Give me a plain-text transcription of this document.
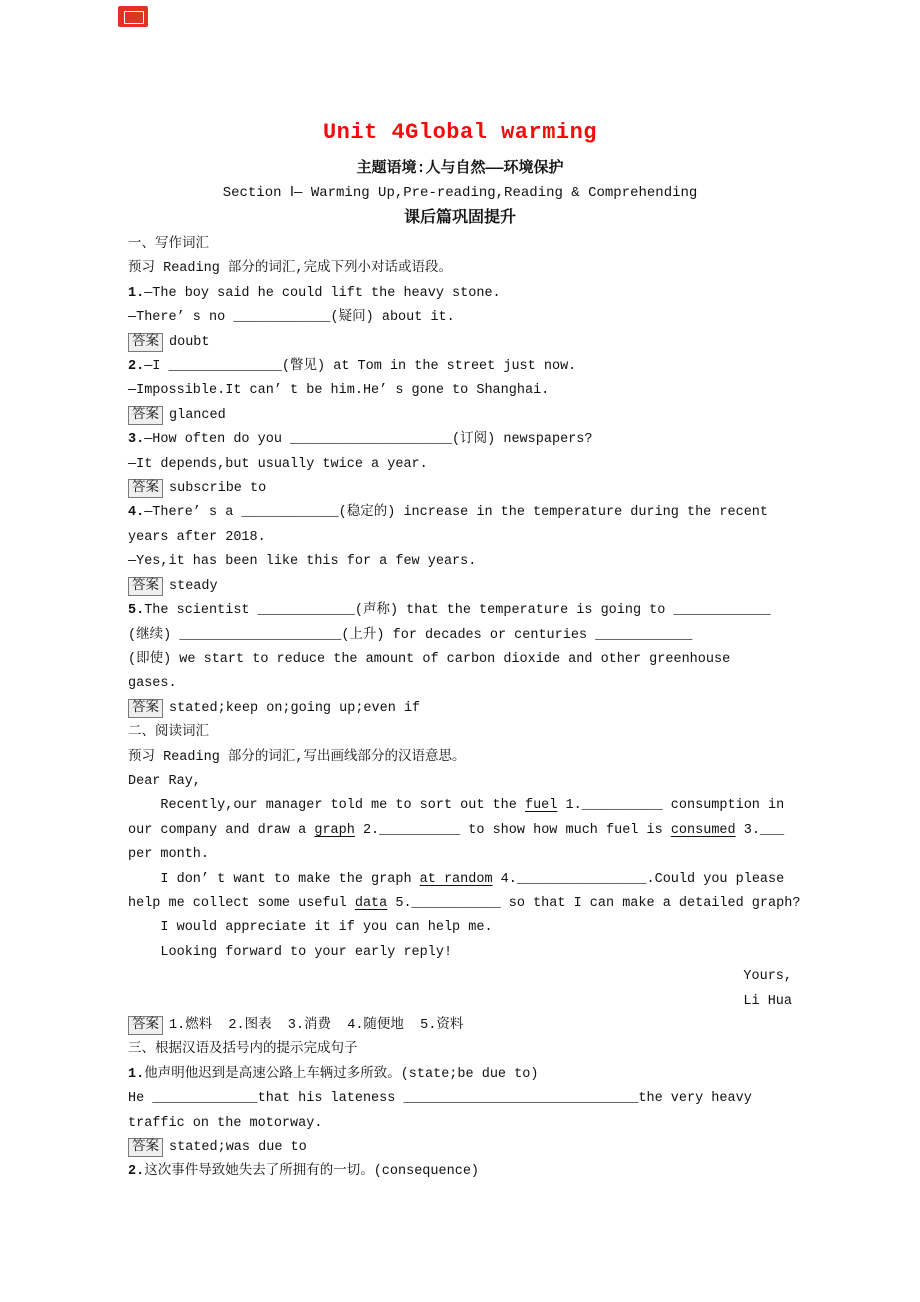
Unit 4Global warming
主题语境:人与自然——环境保护
Section Ⅰ— Warming Up,Pre-reading,Reading & Comprehending
课后篇巩固提升
一、写作词汇
预习 Reading 部分的词汇,完成下列小对话或语段。
1.—The boy said he could lift the heavy stone.
—There’ s no ____________(疑问) about it.
答案 doubt
2.—I ______________(瞥见) at Tom in the street just now.
—Impossible.It can’ t be him.He’ s gone to Shanghai.
答案 glanced
3.—How often do you ____________________(订阅) newspapers?
—It depends,but usually twice a year.
答案 subscribe to
4.—There’ s a ____________(稳定的) increase in the temperature during the recent
years after 2018.
—Yes,it has been like this for a few years.
答案 steady
5.The scientist ____________(声称) that the temperature is going to ____________
(继续) ____________________(上升) for decades or centuries ____________
(即使) we start to reduce the amount of carbon dioxide and other greenhouse
gases.
答案 stated;keep on;going up;even if
二、阅读词汇
预习 Reading 部分的词汇,写出画线部分的汉语意思。
Dear Ray,
Recently,our manager told me to sort out the fuel 1.__________ consumption in
our company and draw a graph 2.__________ to show how much fuel is consumed 3.___
per month.
I don’ t want to make the graph at random 4.________________.Could you please
help me collect some useful data 5.___________ so that I can make a detailed graph?
I would appreciate it if you can help me.
Looking forward to your early reply!
Yours,
Li Hua
答案 1.燃料  2.图表  3.消费  4.随便地  5.资料
三、根据汉语及括号内的提示完成句子
1.他声明他迟到是高速公路上车辆过多所致。(state;be due to)
He _____________that his lateness _____________________________the very heavy
traffic on the motorway.
答案 stated;was due to
2.这次事件导致她失去了所拥有的一切。(consequence)
